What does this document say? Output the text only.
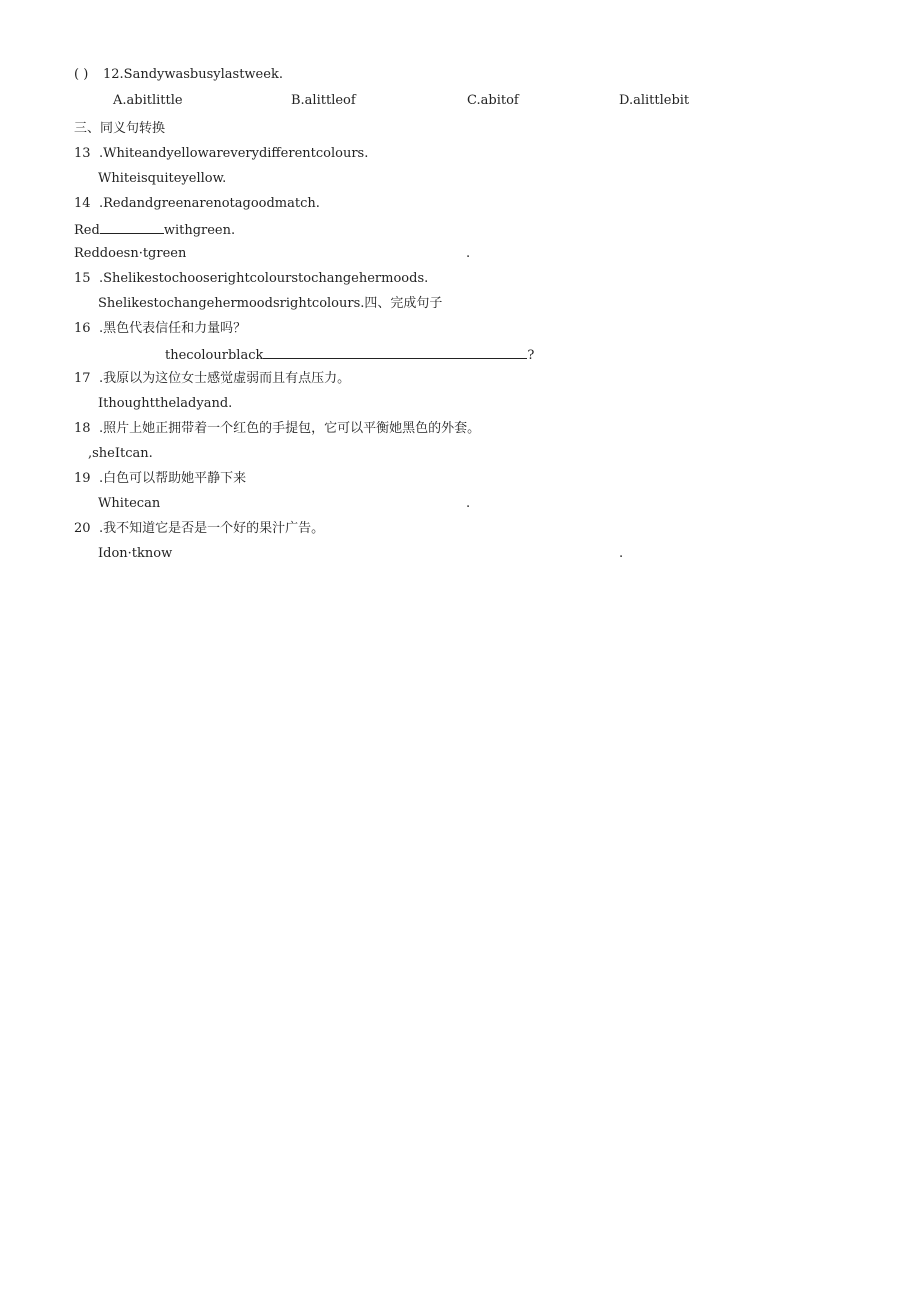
( ) 12.Sandywasbusylastweek.
A.abitlittle	B.alittleof	C.abitof	D.alittlebit
三、同义句转换
13 .Whiteandyellowareverydifferentcolours.
Whiteisquiteyellow.
14 .Redandgreenarenotagoodmatch.
Red	withgreen.
Reddoesn·tgreen	.
15 .Shelikestochooserightcolourstochangehermoods.
Shelikestochangehermoodsrightcolours.四、完成句子
16 .黑色代表信任和力量吗？
thecolourblack	?
17 .我原以为这位女士感觉虚弱而且有点压力。
Ithoughttheladyand.
18 .照片上她正拥带着一个红色的手提包，它可以平衡她黑色的外套。
,sheItcan.
19 .白色可以帮助她平静下来
Whitecan	.
20 .我不知道它是否是一个好的果汁广告。
Idon·tknow	.
